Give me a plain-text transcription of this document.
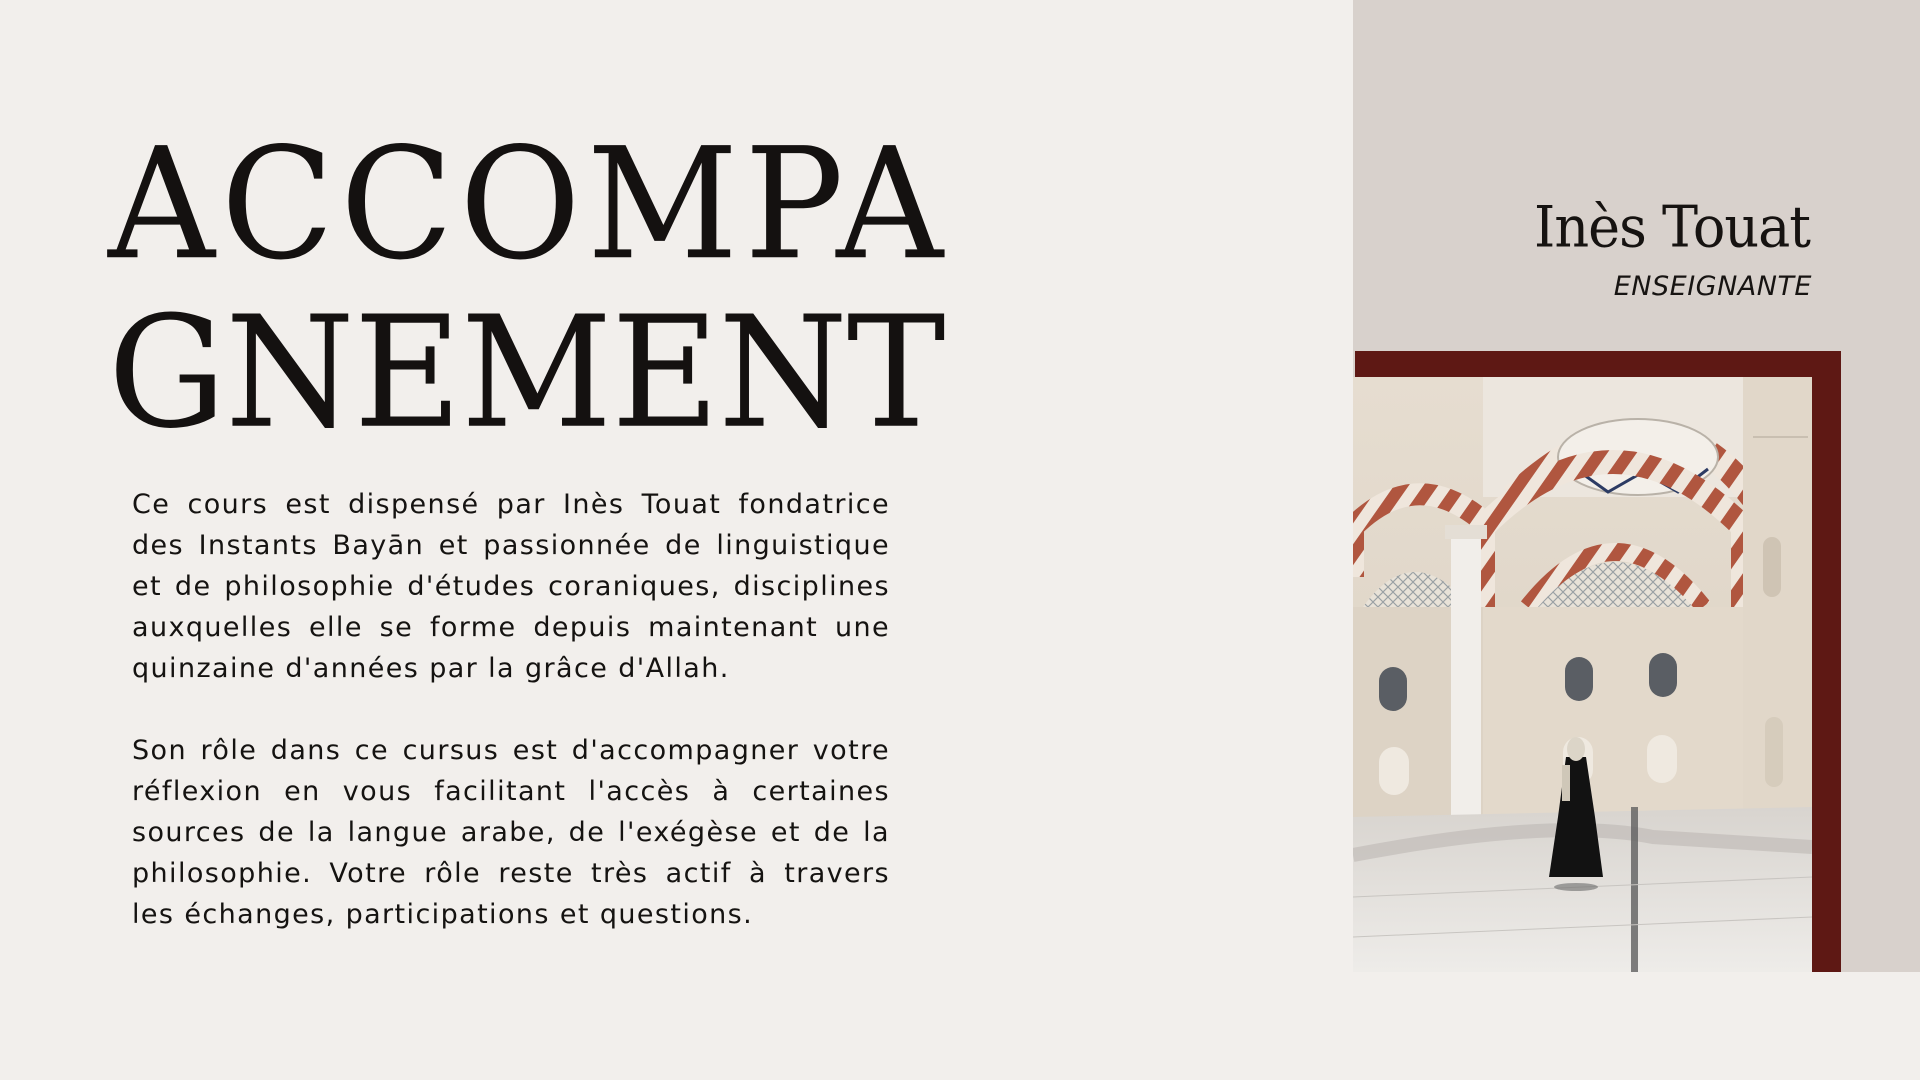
ACCOMPA
GNEMENT

Ce cours est dispensé par Inès Touat fondatrice des Instants Bayān et passionnée de linguistique et de philosophie d'études coraniques, disciplines auxquelles elle se forme depuis maintenant une quinzaine d'années par la grâce d'Allah.

Son rôle dans ce cursus est d'accompagner votre réflexion en vous facilitant l'accès à certaines sources de la langue arabe, de l'exégèse et de la philosophie. Votre rôle reste très actif à travers les échanges, participations et questions.

Inès Touat

ENSEIGNANTE
